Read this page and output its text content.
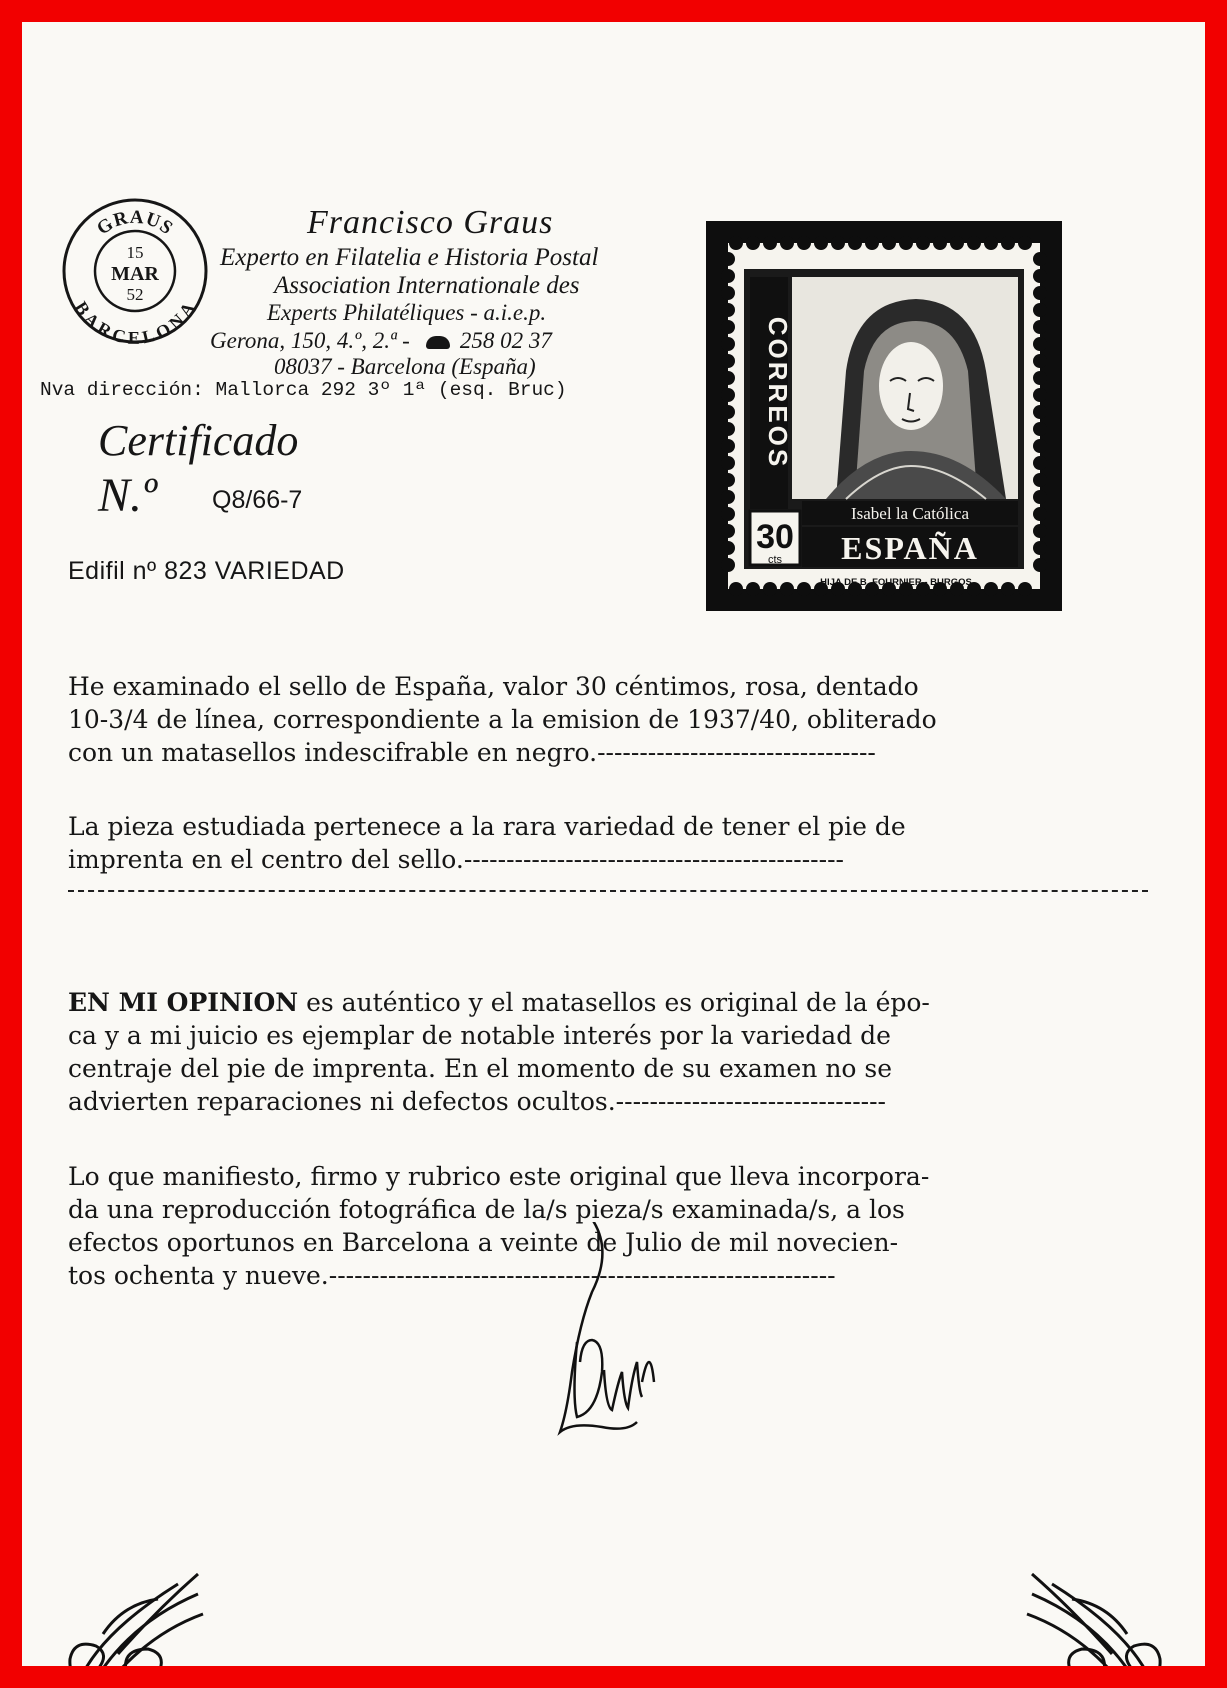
GRAUS
BARCELONA
15
MAR
52
Francisco Graus
Experto en Filatelia e Historia Postal
Association Internationale des
Experts Philatéliques - a.i.e.p.
Gerona, 150, 4.º, 2.ª - 258 02 37
08037 - Barcelona (España)
Nva dirección: Mallorca 292 3º 1ª (esq. Bruc)
Certificado
N.º Q8/66-7
Edifil nº 823 VARIEDAD
CORREOS
30
cts
Isabel la Católica
ESPAÑA
HIJA DE B. FOURNIER - BURGOS

He examinado el sello de España, valor 30 céntimos, rosa, dentado

10-3/4 de línea, correspondiente a la emision de 1937/40, obliterado

con un matasellos indescifrable en negro.---------------------------------

La pieza estudiada pertenece a la rara variedad de tener el pie de

imprenta en el centro del sello.---------------------------------------------

EN MI OPINION es auténtico y el matasellos es original de la épo-

ca y a mi juicio es ejemplar de notable interés por la variedad de

centraje del pie de imprenta. En el momento de su examen no se

advierten reparaciones ni defectos ocultos.--------------------------------

Lo que manifiesto, firmo y rubrico este original que lleva incorpora-

da una reproducción fotográfica de la/s pieza/s examinada/s, a los

efectos oportunos en Barcelona a veinte de Julio de mil novecien-

tos ochenta y nueve.------------------------------------------------------------
